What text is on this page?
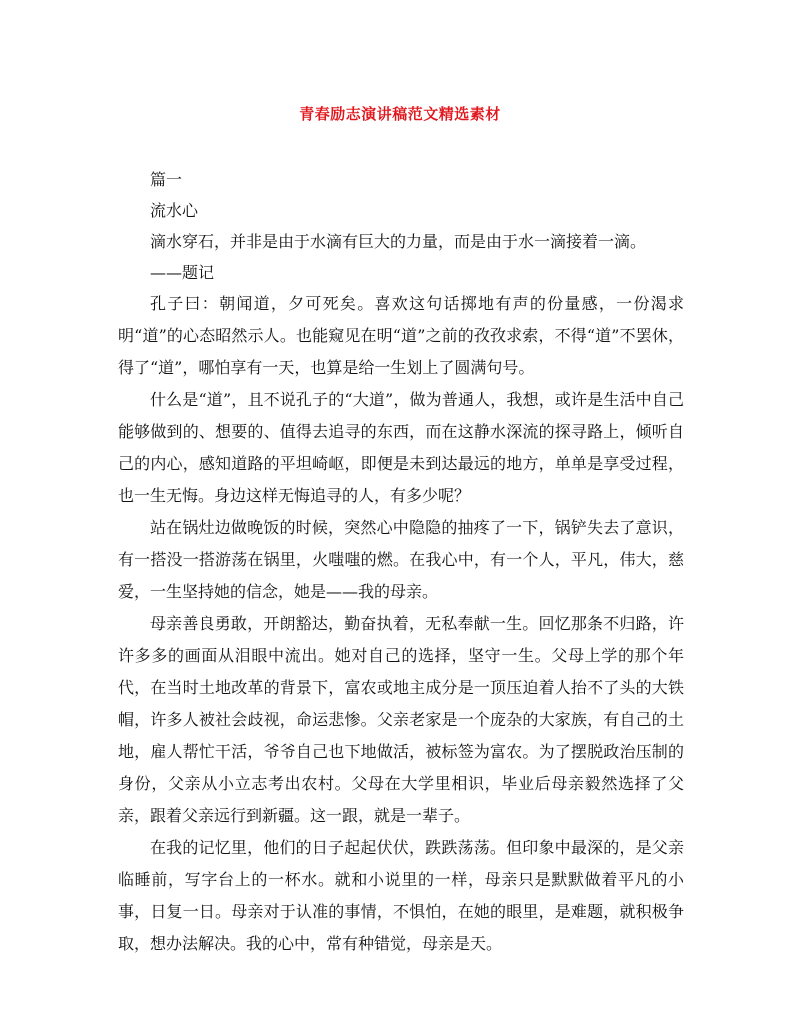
青春励志演讲稿范文精选素材

篇一

流水心

滴水穿石，并非是由于水滴有巨大的力量，而是由于水一滴接着一滴。

——题记

孔子曰：朝闻道，夕可死矣。喜欢这句话掷地有声的份量感，一份渴求明“道”的心态昭然示人。也能窥见在明“道”之前的孜孜求索，不得“道”不罢休，得了“道”，哪怕享有一天，也算是给一生划上了圆满句号。

什么是“道”，且不说孔子的“大道”，做为普通人，我想，或许是生活中自己能够做到的、想要的、值得去追寻的东西，而在这静水深流的探寻路上，倾听自己的内心，感知道路的平坦崎岖，即便是未到达最远的地方，单单是享受过程，也一生无悔。身边这样无悔追寻的人，有多少呢？

站在锅灶边做晚饭的时候，突然心中隐隐的抽疼了一下，锅铲失去了意识，有一搭没一搭游荡在锅里，火嗤嗤的燃。在我心中，有一个人，平凡，伟大，慈爱，一生坚持她的信念，她是——我的母亲。

母亲善良勇敢，开朗豁达，勤奋执着，无私奉献一生。回忆那条不归路，许许多多的画面从泪眼中流出。她对自己的选择，坚守一生。父母上学的那个年代，在当时土地改革的背景下，富农或地主成分是一顶压迫着人抬不了头的大铁帽，许多人被社会歧视，命运悲惨。父亲老家是一个庞杂的大家族，有自己的土地，雇人帮忙干活，爷爷自己也下地做活，被标签为富农。为了摆脱政治压制的身份，父亲从小立志考出农村。父母在大学里相识，毕业后母亲毅然选择了父亲，跟着父亲远行到新疆。这一跟，就是一辈子。

在我的记忆里，他们的日子起起伏伏，跌跌荡荡。但印象中最深的，是父亲临睡前，写字台上的一杯水。就和小说里的一样，母亲只是默默做着平凡的小事，日复一日。母亲对于认准的事情，不惧怕，在她的眼里，是难题，就积极争取，想办法解决。我的心中，常有种错觉，母亲是天。
